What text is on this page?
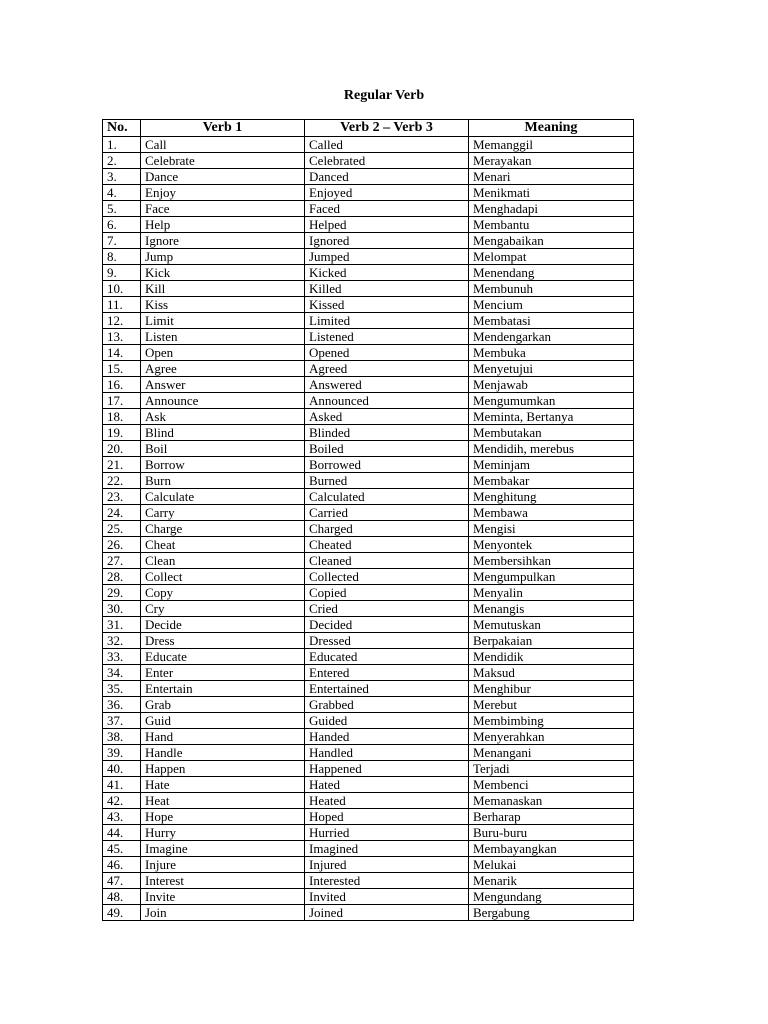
Regular Verb
No.	Verb 1	Verb 2 – Verb 3	Meaning
1.	Call	Called	Memanggil
2.	Celebrate	Celebrated	Merayakan
3.	Dance	Danced	Menari
4.	Enjoy	Enjoyed	Menikmati
5.	Face	Faced	Menghadapi
6.	Help	Helped	Membantu
7.	Ignore	Ignored	Mengabaikan
8.	Jump	Jumped	Melompat
9.	Kick	Kicked	Menendang
10.	Kill	Killed	Membunuh
11.	Kiss	Kissed	Mencium
12.	Limit	Limited	Membatasi
13.	Listen	Listened	Mendengarkan
14.	Open	Opened	Membuka
15.	Agree	Agreed	Menyetujui
16.	Answer	Answered	Menjawab
17.	Announce	Announced	Mengumumkan
18.	Ask	Asked	Meminta, Bertanya
19.	Blind	Blinded	Membutakan
20.	Boil	Boiled	Mendidih, merebus
21.	Borrow	Borrowed	Meminjam
22.	Burn	Burned	Membakar
23.	Calculate	Calculated	Menghitung
24.	Carry	Carried	Membawa
25.	Charge	Charged	Mengisi
26.	Cheat	Cheated	Menyontek
27.	Clean	Cleaned	Membersihkan
28.	Collect	Collected	Mengumpulkan
29.	Copy	Copied	Menyalin
30.	Cry	Cried	Menangis
31.	Decide	Decided	Memutuskan
32.	Dress	Dressed	Berpakaian
33.	Educate	Educated	Mendidik
34.	Enter	Entered	Maksud
35.	Entertain	Entertained	Menghibur
36.	Grab	Grabbed	Merebut
37.	Guid	Guided	Membimbing
38.	Hand	Handed	Menyerahkan
39.	Handle	Handled	Menangani
40.	Happen	Happened	Terjadi
41.	Hate	Hated	Membenci
42.	Heat	Heated	Memanaskan
43.	Hope	Hoped	Berharap
44.	Hurry	Hurried	Buru-buru
45.	Imagine	Imagined	Membayangkan
46.	Injure	Injured	Melukai
47.	Interest	Interested	Menarik
48.	Invite	Invited	Mengundang
49.	Join	Joined	Bergabung
